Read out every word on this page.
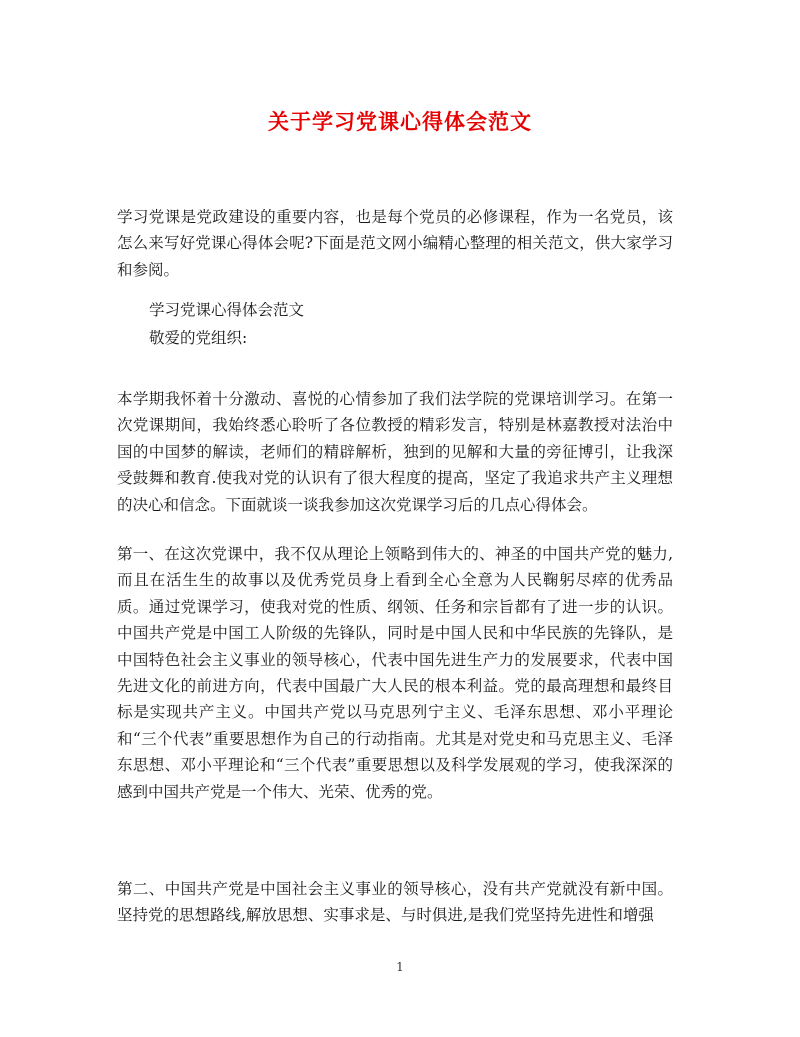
关于学习党课心得体会范文

学习党课是党政建设的重要内容，也是每个党员的必修课程，作为一名党员，该怎么来写好党课心得体会呢?下面是范文网小编精心整理的相关范文，供大家学习和参阅。

学习党课心得体会范文

敬爱的党组织:

本学期我怀着十分激动、喜悦的心情参加了我们法学院的党课培训学习。在第一次党课期间，我始终悉心聆听了各位教授的精彩发言，特别是林嘉教授对法治中国的中国梦的解读，老师们的精辟解析，独到的见解和大量的旁征博引，让我深受鼓舞和教育.使我对党的认识有了很大程度的提高，坚定了我追求共产主义理想的决心和信念。下面就谈一谈我参加这次党课学习后的几点心得体会。

第一、在这次党课中，我不仅从理论上领略到伟大的、神圣的中国共产党的魅力,而且在活生生的故事以及优秀党员身上看到全心全意为人民鞠躬尽瘁的优秀品质。通过党课学习，使我对党的性质、纲领、任务和宗旨都有了进一步的认识。中国共产党是中国工人阶级的先锋队，同时是中国人民和中华民族的先锋队，是中国特色社会主义事业的领导核心，代表中国先进生产力的发展要求，代表中国先进文化的前进方向，代表中国最广大人民的根本利益。党的最高理想和最终目标是实现共产主义。中国共产党以马克思列宁主义、毛泽东思想、邓小平理论和“三个代表”重要思想作为自己的行动指南。尤其是对党史和马克思主义、毛泽东思想、邓小平理论和“三个代表”重要思想以及科学发展观的学习，使我深深的感到中国共产党是一个伟大、光荣、优秀的党。

第二、中国共产党是中国社会主义事业的领导核心，没有共产党就没有新中国。坚持党的思想路线,解放思想、实事求是、与时俱进,是我们党坚持先进性和增强

1
